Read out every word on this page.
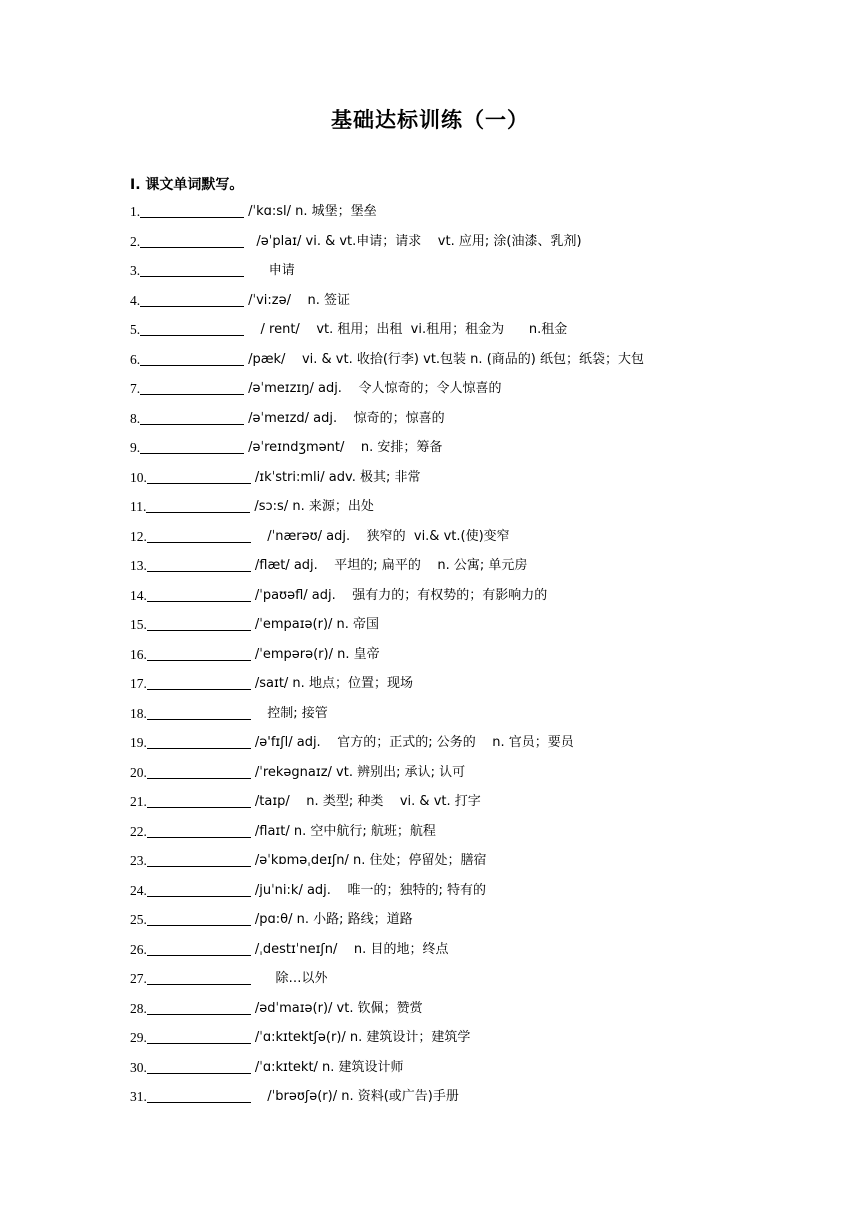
基础达标训练（一）
Ⅰ. 课文单词默写。
1.	/ˈkɑ:sl/ n. 城堡；堡垒
2.	/əˈplaɪ/ vi. & vt.申请；请求    vt. 应用; 涂(油漆、乳剂)
3.	申请
4.	/ˈvi:zə/    n. 签证
5.	/ rent/    vt. 租用；出租  vi.租用；租金为      n.租金
6.	/pæk/    vi. & vt. 收拾(行李) vt.包装 n. (商品的) 纸包；纸袋；大包
7.	/əˈmeɪzɪŋ/ adj.    令人惊奇的；令人惊喜的
8.	/əˈmeɪzd/ adj.    惊奇的；惊喜的
9.	/əˈreɪndʒmənt/    n. 安排；筹备
10.	/ɪkˈstri:mli/ adv. 极其; 非常
11.	/sɔ:s/ n. 来源；出处
12.	/ˈnærəʊ/ adj.    狭窄的  vi.& vt.(使)变窄
13.	/flæt/ adj.    平坦的; 扁平的    n. 公寓; 单元房
14.	/ˈpaʊəfl/ adj.    强有力的；有权势的；有影响力的
15.	/ˈempaɪə(r)/ n. 帝国
16.	/ˈempərə(r)/ n. 皇帝
17.	/saɪt/ n. 地点；位置；现场
18.	控制; 接管
19.	/ə'fɪʃl/ adj.    官方的；正式的; 公务的    n. 官员；要员
20.	/ˈrekəgnaɪz/ vt. 辨别出; 承认; 认可
21.	/taɪp/    n. 类型; 种类    vi. & vt. 打字
22.	/flaɪt/ n. 空中航行; 航班；航程
23.	/əˈkɒməˌdeɪʃn/ n. 住处；停留处；膳宿
24.	/juˈni:k/ adj.    唯一的；独特的; 特有的
25.	/pɑ:θ/ n. 小路; 路线；道路
26.	/ˌdestɪˈneɪʃn/    n. 目的地；终点
27.	除…以外
28.	/ədˈmaɪə(r)/ vt. 钦佩；赞赏
29.	/ˈɑ:kɪtektʃə(r)/ n. 建筑设计；建筑学
30.	/ˈɑ:kɪtekt/ n. 建筑设计师
31.	/ˈbrəʊʃə(r)/ n. 资料(或广告)手册
